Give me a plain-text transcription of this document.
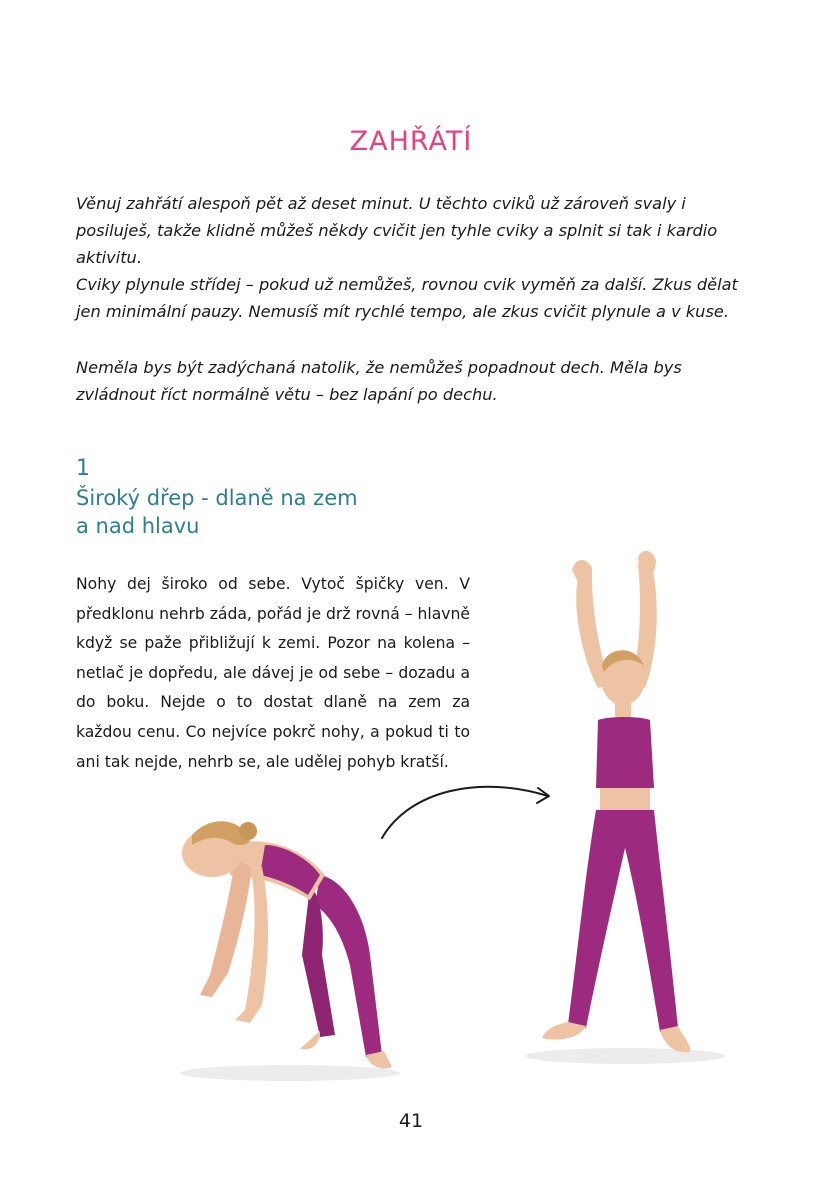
ZAHŘÁTÍ

Věnuj zahřátí alespoň pět až deset minut. U těchto cviků už zároveň svaly i posiluješ, takže klidně můžeš někdy cvičit jen tyhle cviky a splnit si tak i kardio aktivitu.

Cviky plynule střídej – pokud už nemůžeš, rovnou cvik vyměň za další. Zkus dělat jen minimální pauzy. Nemusíš mít rychlé tempo, ale zkus cvičit plynule a v kuse.

Neměla bys být zadýchaná natolik, že nemůžeš popadnout dech. Měla bys zvládnout říct normálně větu – bez lapání po dechu.

1
Široký dřep - dlaně na zem
a nad hlavu

Nohy dej široko od sebe. Vytoč špičky ven. V předklonu nehrb záda, pořád je drž rovná – hlavně když se paže přibližují k zemi. Pozor na kolena – netlač je dopředu, ale dávej je od sebe – dozadu a do boku. Nejde o to dostat dlaně na zem za každou cenu. Co nejvíce pokrč nohy, a pokud ti to ani tak nejde, nehrb se, ale udělej pohyb kratší.

41
